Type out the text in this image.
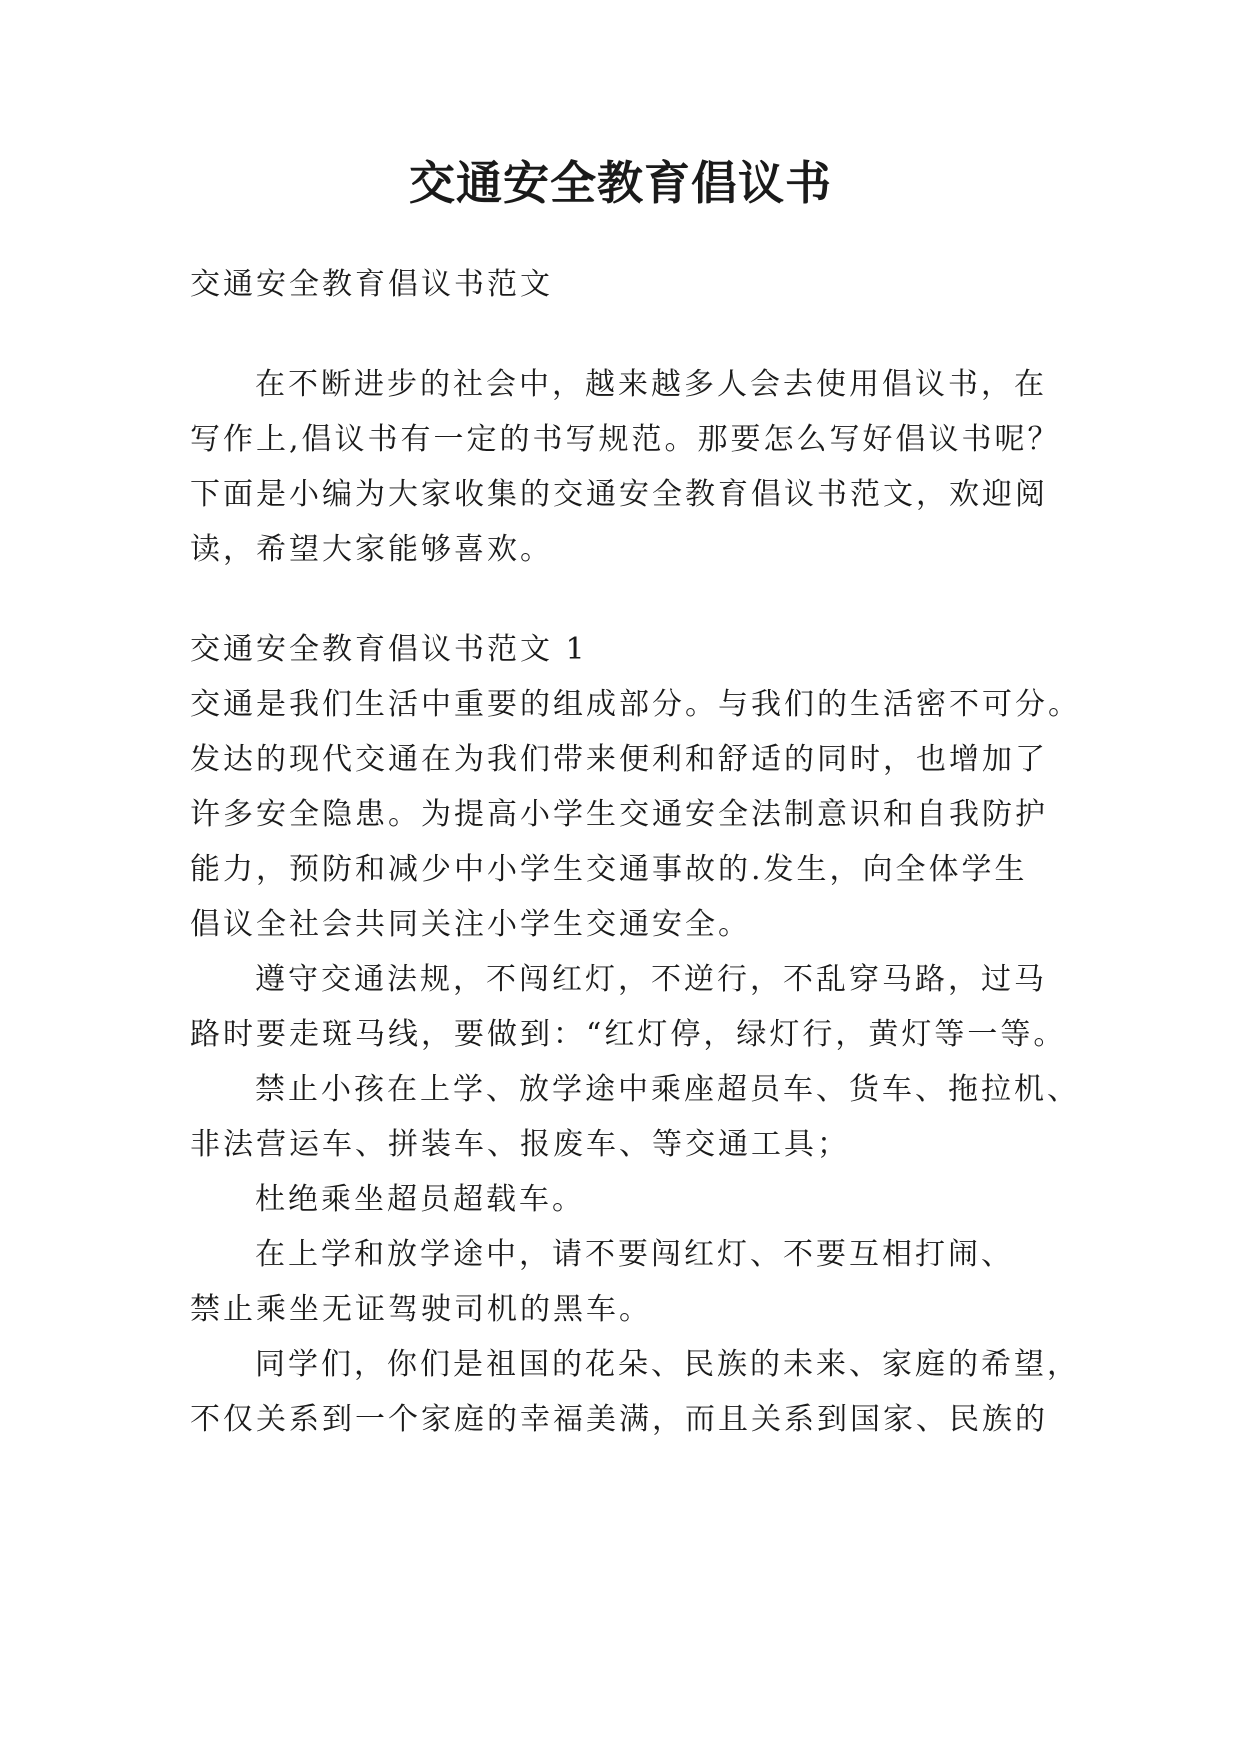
交通安全教育倡议书
交通安全教育倡议书范文
在不断进步的社会中，越来越多人会去使用倡议书，在
写作上,倡议书有一定的书写规范。那要怎么写好倡议书呢？
下面是小编为大家收集的交通安全教育倡议书范文，欢迎阅
读，希望大家能够喜欢。
交通安全教育倡议书范文 1
交通是我们生活中重要的组成部分。与我们的生活密不可分。
发达的现代交通在为我们带来便利和舒适的同时，也增加了
许多安全隐患。为提高小学生交通安全法制意识和自我防护
能力，预防和减少中小学生交通事故的.发生，向全体学生
倡议全社会共同关注小学生交通安全。
遵守交通法规，不闯红灯，不逆行，不乱穿马路，过马
路时要走斑马线，要做到：“红灯停，绿灯行，黄灯等一等。
禁止小孩在上学、放学途中乘座超员车、货车、拖拉机、
非法营运车、拼装车、报废车、等交通工具；
杜绝乘坐超员超载车。
在上学和放学途中，请不要闯红灯、不要互相打闹、
禁止乘坐无证驾驶司机的黑车。
同学们，你们是祖国的花朵、民族的未来、家庭的希望，
不仅关系到一个家庭的幸福美满，而且关系到国家、民族的
